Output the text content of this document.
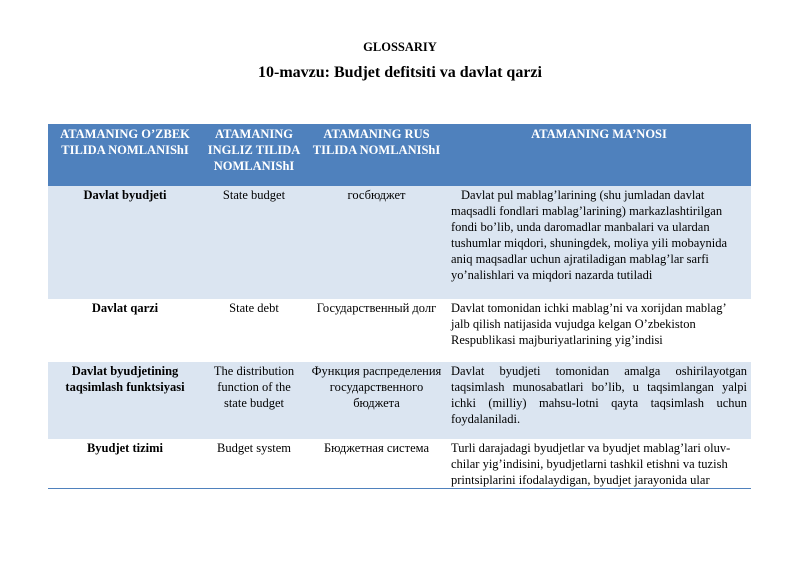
GLOSSARIY
10-mavzu: Budjet defitsiti va davlat qarzi
ATAMANING O’ZBEK TILIDA NOMLANIShΙ	ATAMANING INGLIZ TILIDA NOMLANIShΙ	ATAMANING RUS TILIDA NOMLANIShΙ	ATAMANING MA’NOSI
Davlat byudjeti	State budget	госбюджет	Davlat pul mablag’larining (shu jumladan davlat maqsadli fondlari mablag’larining) markazlashtirilgan fondi bo’lib, unda daromadlar manbalari va ulardan tushumlar miqdori, shuningdek, moliya yili mobaynida aniq maqsadlar uchun ajratiladigan mablag’lar sarfi yo’nalishlari va miqdori nazarda tutiladi

Davlat qarzi	State debt	Государственный долг	Davlat tomonidan ichki mablag’ni va xorijdan mablag’ jalb qilish natijasida vujudga kelgan O’zbekiston Respublikasi majburiyatlarining yig’indisi
Davlat byudjetining taqsimlash funktsiyasi	The distribution function of the state budget	Функция распределения государственного бюджета	Davlat byudjeti tomonidan amalga oshirilayotgan taqsimlash munosabatlari bo’lib, u taqsimlangan yalpi ichki (milliy) mahsu-lotni qayta taqsimlash uchun foydalaniladi.
Byudjet tizimi	Budget system	Бюджетная система	Turli darajadagi byudjetlar va byudjet mablag’lari oluv-chilar yig’indisini, byudjetlarni tashkil etishni va tuzish printsiplarini ifodalaydigan, byudjet jarayonida ular
